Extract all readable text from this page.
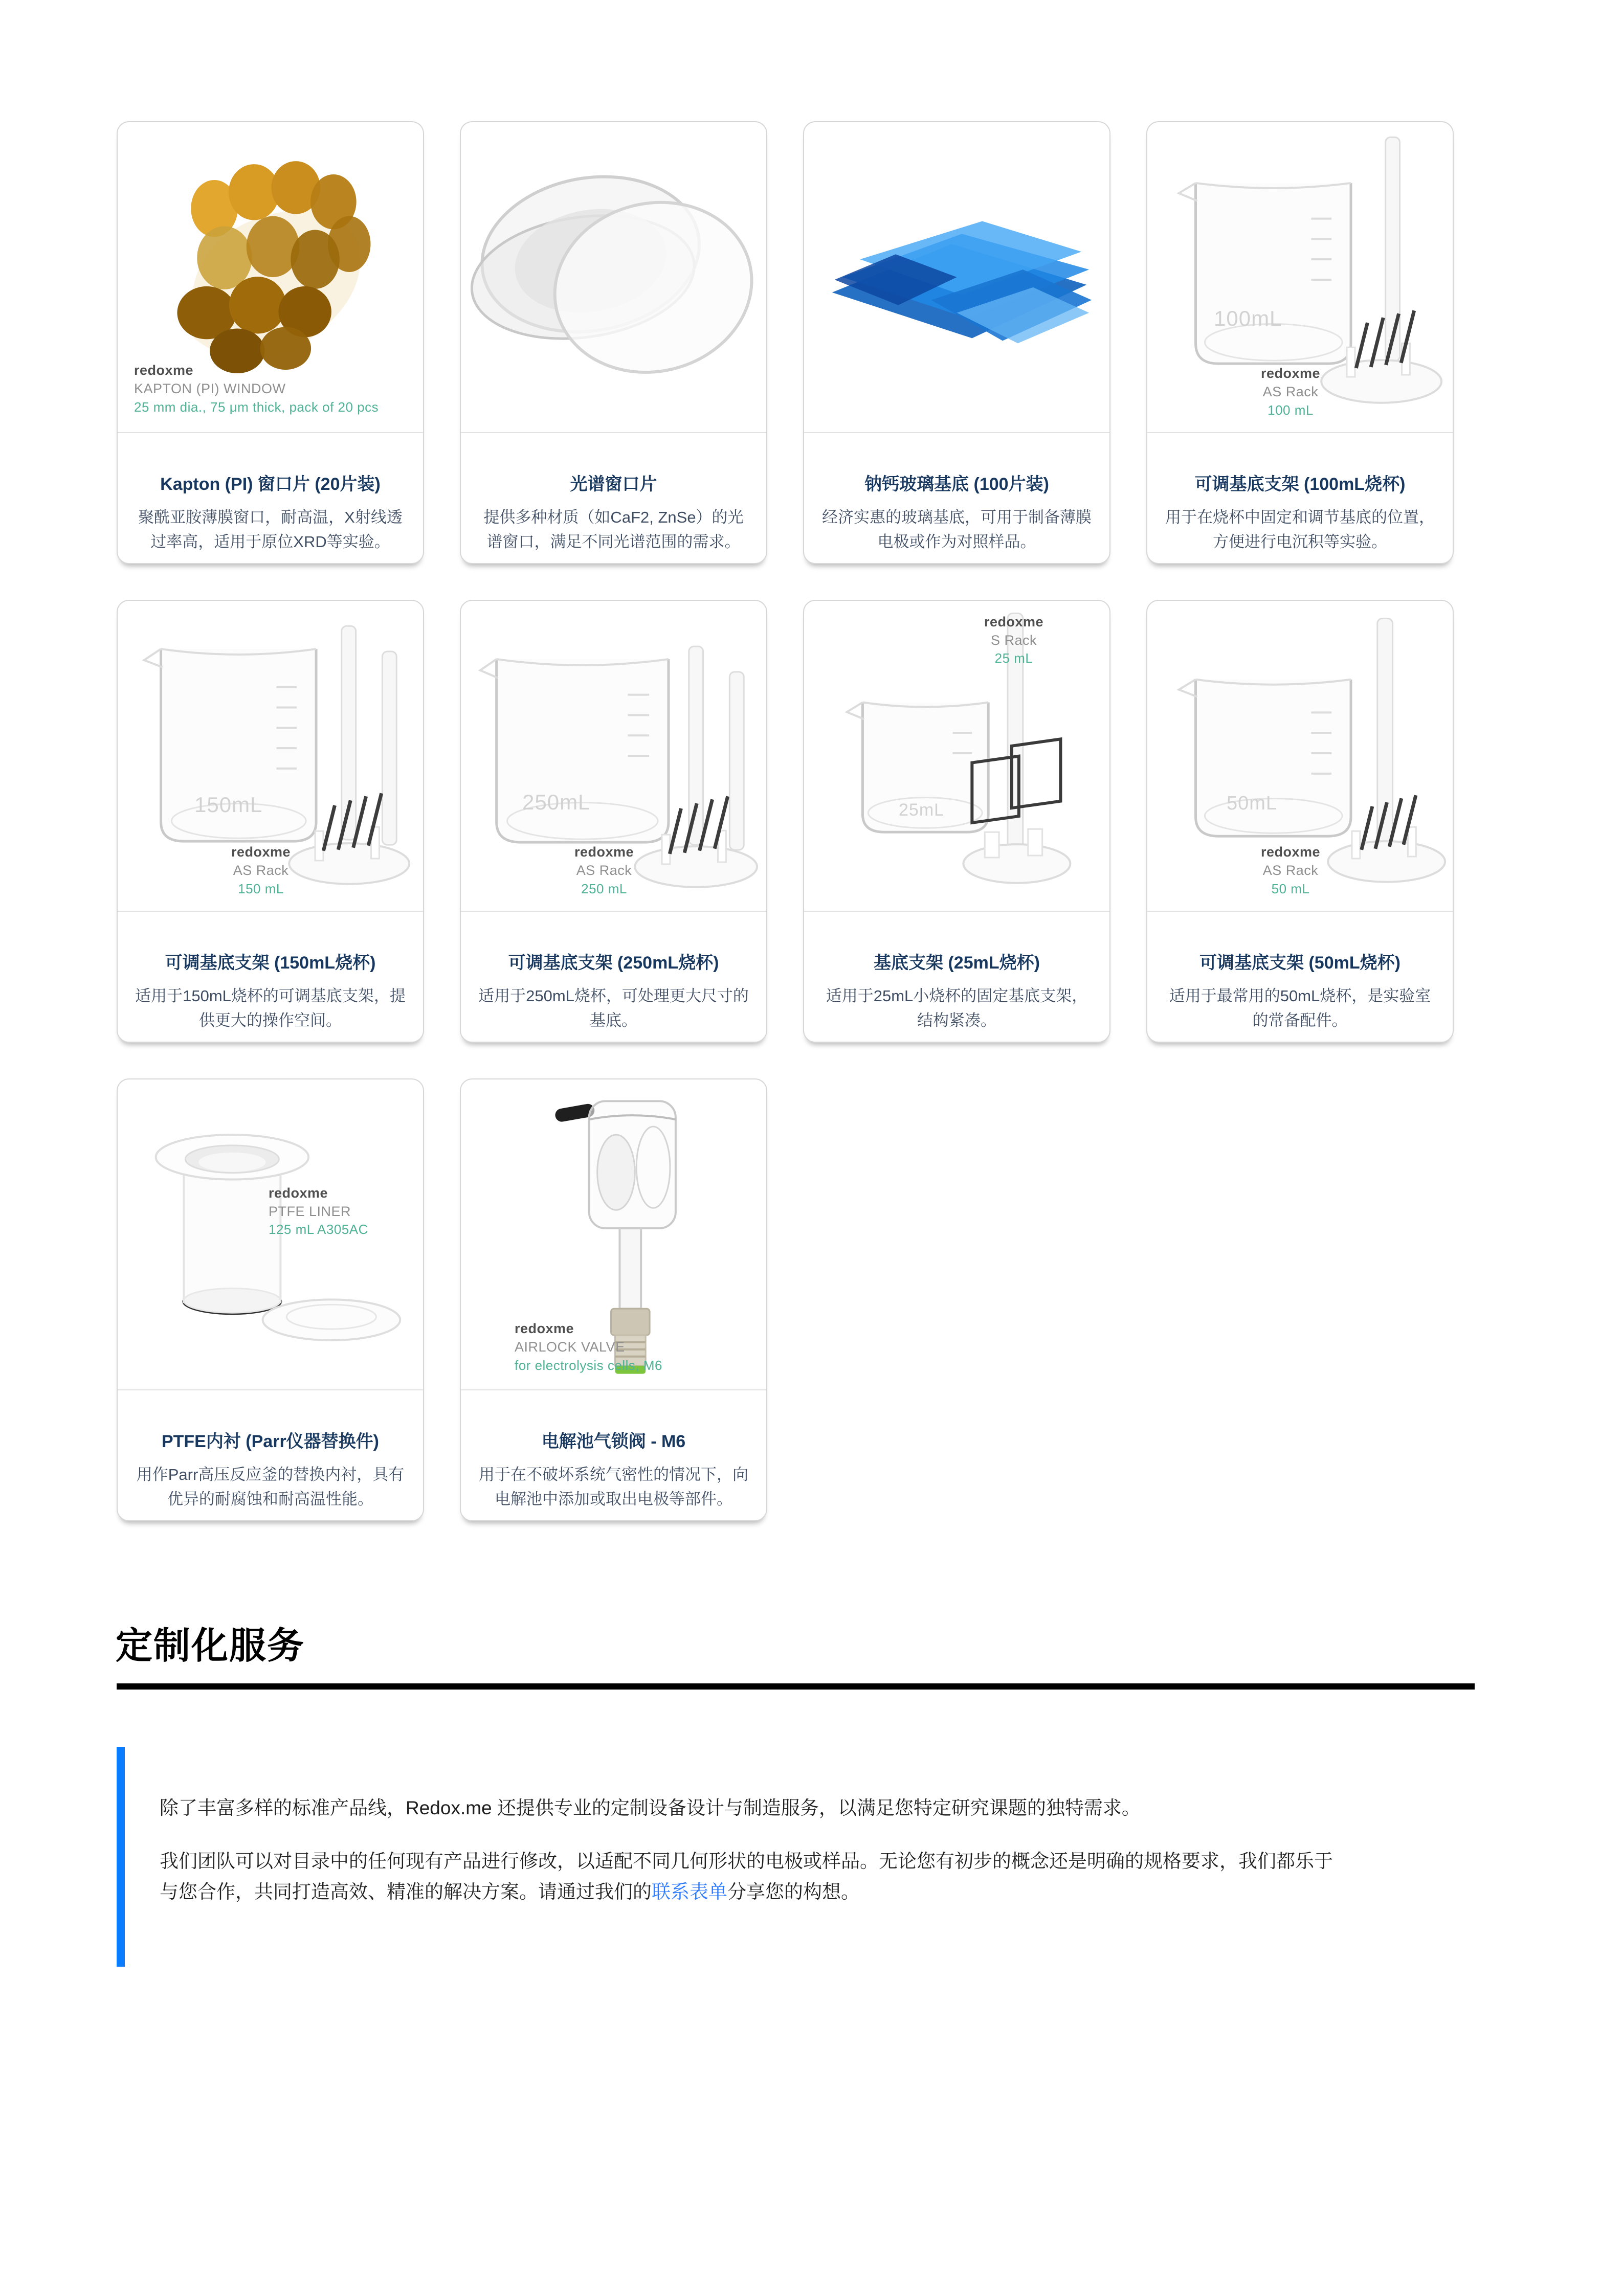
redoxme
KAPTON (PI) WINDOW
25 mm dia., 75 μm thick, pack of 20 pcs
Kapton (PI) 窗口片 (20片装)

聚酰亚胺薄膜窗口，耐高温，X射线透过率高，适用于原位XRD等实验。

光谱窗口片

提供多种材质（如CaF2, ZnSe）的光谱窗口，满足不同光谱范围的需求。

钠钙玻璃基底 (100片装)

经济实惠的玻璃基底，可用于制备薄膜电极或作为对照样品。

100mL
redoxme
AS Rack
100 mL
可调基底支架 (100mL烧杯)

用于在烧杯中固定和调节基底的位置，方便进行电沉积等实验。

150mL
redoxme
AS Rack
150 mL
可调基底支架 (150mL烧杯)

适用于150mL烧杯的可调基底支架，提供更大的操作空间。

250mL
redoxme
AS Rack
250 mL
可调基底支架 (250mL烧杯)

适用于250mL烧杯，可处理更大尺寸的基底。

25mL
redoxme
S Rack
25 mL
基底支架 (25mL烧杯)

适用于25mL小烧杯的固定基底支架，结构紧凑。

50mL
redoxme
AS Rack
50 mL
可调基底支架 (50mL烧杯)

适用于最常用的50mL烧杯，是实验室的常备配件。

redoxme
PTFE LINER
125 mL A305AC
PTFE内衬 (Parr仪器替换件)

用作Parr高压反应釜的替换内衬，具有优异的耐腐蚀和耐高温性能。

redoxme
AIRLOCK VALVE
for electrolysis cells, M6
电解池气锁阀 - M6

用于在不破坏系统气密性的情况下，向电解池中添加或取出电极等部件。

定制化服务

除了丰富多样的标准产品线，Redox.me 还提供专业的定制设备设计与制造服务，以满足您特定研究课题的独特需求。

我们团队可以对目录中的任何现有产品进行修改，以适配不同几何形状的电极或样品。无论您有初步的概念还是明确的规格要求，我们都乐于与您合作，共同打造高效、精准的解决方案。请通过我们的联系表单分享您的构想。
